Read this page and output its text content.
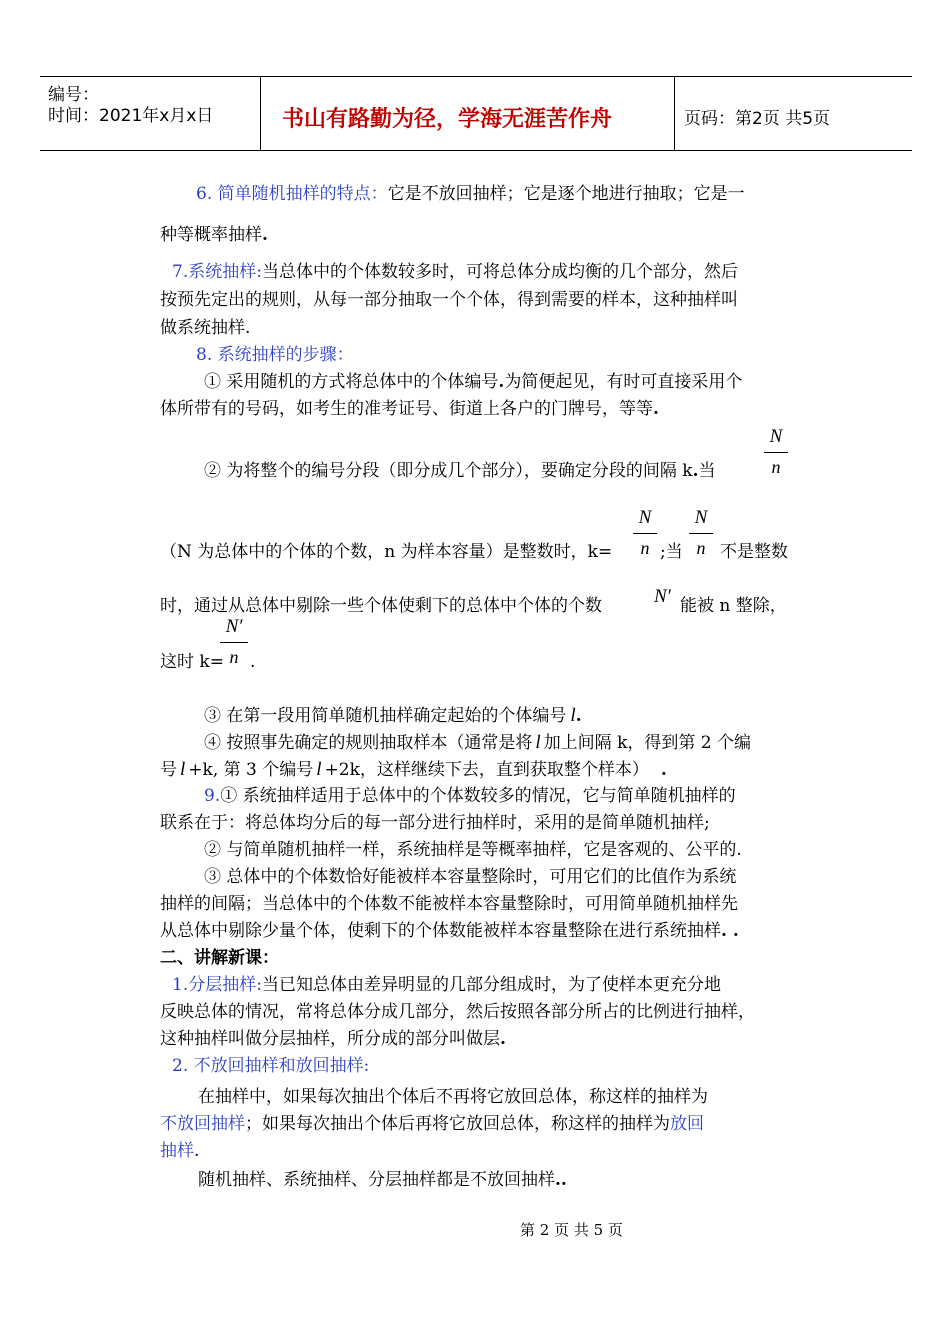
编号：
时间：2021年x月x日	书山有路勤为径，学海无涯苦作舟	页码：第2页 共5页
6. 简单随机抽样的特点：它是不放回抽样；它是逐个地进行抽取；它是一
种等概率抽样.
7.系统抽样:当总体中的个体数较多时，可将总体分成均衡的几个部分，然后
按预先定出的规则，从每一部分抽取一个个体，得到需要的样本，这种抽样叫
做系统抽样.
8. 系统抽样的步骤：
① 采用随机的方式将总体中的个体编号.为简便起见，有时可直接采用个
体所带有的号码，如考生的准考证号、街道上各户的门牌号，等等.
② 为将整个的编号分段（即分成几个部分），要确定分段的间隔 k.当
N
n
（N 为总体中的个体的个数，n 为样本容量）是整数时，k=
N
n ;当
N
n 不是整数
时，通过从总体中剔除一些个体使剩下的总体中个体的个数	N′ 能被 n 整除，
这时 k=
N′
n .
③ 在第一段用简单随机抽样确定起始的个体编号 l.
④ 按照事先确定的规则抽取样本（通常是将 l 加上间隔 k，得到第 2 个编
号 l +k, 第 3 个编号 l +2k，这样继续下去，直到获取整个样本） .
9.① 系统抽样适用于总体中的个体数较多的情况，它与简单随机抽样的
联系在于：将总体均分后的每一部分进行抽样时，采用的是简单随机抽样;
② 与简单随机抽样一样，系统抽样是等概率抽样，它是客观的、公平的.
③ 总体中的个体数恰好能被样本容量整除时，可用它们的比值作为系统
抽样的间隔；当总体中的个体数不能被样本容量整除时，可用简单随机抽样先
从总体中剔除少量个体，使剩下的个体数能被样本容量整除在进行系统抽样. .
二、讲解新课：
1.分层抽样:当已知总体由差异明显的几部分组成时，为了使样本更充分地
反映总体的情况，常将总体分成几部分，然后按照各部分所占的比例进行抽样，
这种抽样叫做分层抽样，所分成的部分叫做层.
2. 不放回抽样和放回抽样:
在抽样中，如果每次抽出个体后不再将它放回总体，称这样的抽样为
不放回抽样；如果每次抽出个体后再将它放回总体，称这样的抽样为放回
抽样.
随机抽样、系统抽样、分层抽样都是不放回抽样..
第 2 页 共 5 页
